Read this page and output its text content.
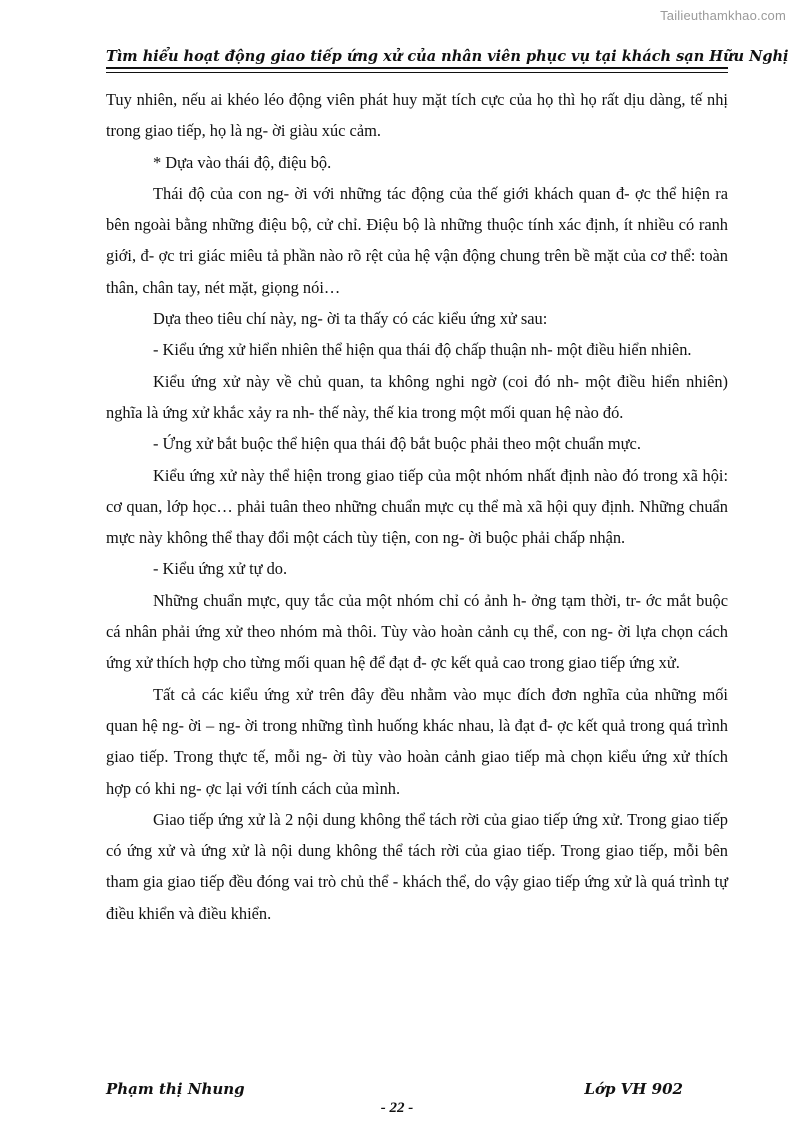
Tailieuthamkhao.com
Tìm hiểu hoạt động giao tiếp ứng xử của nhân viên phục vụ tại khách sạn Hữu Nghị

Tuy nhiên, nếu ai khéo léo động viên phát huy mặt tích cực của họ thì họ rất dịu dàng, tế nhị trong giao tiếp, họ là ng- ời giàu xúc cảm.

* Dựa vào thái độ, điệu bộ.

Thái độ của con ng- ời với những tác động của thế giới khách quan đ- ợc thể hiện ra bên ngoài bằng những điệu bộ, cử chỉ. Điệu bộ là những thuộc tính xác định, ít nhiều có ranh giới, đ- ợc tri giác miêu tả phần nào rõ rệt của hệ vận động chung trên bề mặt của cơ thể: toàn thân, chân tay, nét mặt, giọng nói…

Dựa theo tiêu chí này, ng- ời ta thấy có các kiểu ứng xử sau:

- Kiểu ứng xử hiển nhiên thể hiện qua thái độ chấp thuận nh- một điều hiển nhiên.

Kiểu ứng xử này về chủ quan, ta không nghi ngờ (coi đó nh- một điều hiển nhiên) nghĩa là ứng xử khắc xảy ra nh- thế này, thế kia trong một mối quan hệ nào đó.

- Ứng xử bắt buộc thể hiện qua thái độ bắt buộc phải theo một chuẩn mực.

Kiểu ứng xử này thể hiện trong giao tiếp của một nhóm nhất định nào đó trong xã hội: cơ quan, lớp học… phải tuân theo những chuẩn mực cụ thể mà xã hội quy định. Những chuẩn mực này không thể thay đổi một cách tùy tiện, con ng- ời buộc phải chấp nhận.

- Kiểu ứng xử tự do.

Những chuẩn mực, quy tắc của một nhóm chỉ có ảnh h- ởng tạm thời, tr- ớc mắt buộc cá nhân phải ứng xử theo nhóm mà thôi. Tùy vào hoàn cảnh cụ thể, con ng- ời lựa chọn cách ứng xử thích hợp cho từng mối quan hệ để đạt đ- ợc kết quả cao trong giao tiếp ứng xử.

Tất cả các kiểu ứng xử trên đây đều nhằm vào mục đích đơn nghĩa của những mối quan hệ ng- ời – ng- ời trong những tình huống khác nhau, là đạt đ- ợc kết quả trong quá trình giao tiếp. Trong thực tế, mỗi ng- ời tùy vào hoàn cảnh giao tiếp mà chọn kiểu ứng xử thích hợp có khi ng- ợc lại với tính cách của mình.

Giao tiếp ứng xử là 2 nội dung không thể tách rời của giao tiếp ứng xử. Trong giao tiếp có ứng xử và ứng xử là nội dung không thể tách rời của giao tiếp. Trong giao tiếp, mỗi bên tham gia giao tiếp đều đóng vai trò chủ thể - khách thể, do vậy giao tiếp ứng xử là quá trình tự điều khiển và điều khiển.

Phạm thị Nhung	Lớp VH 902
- 22 -
